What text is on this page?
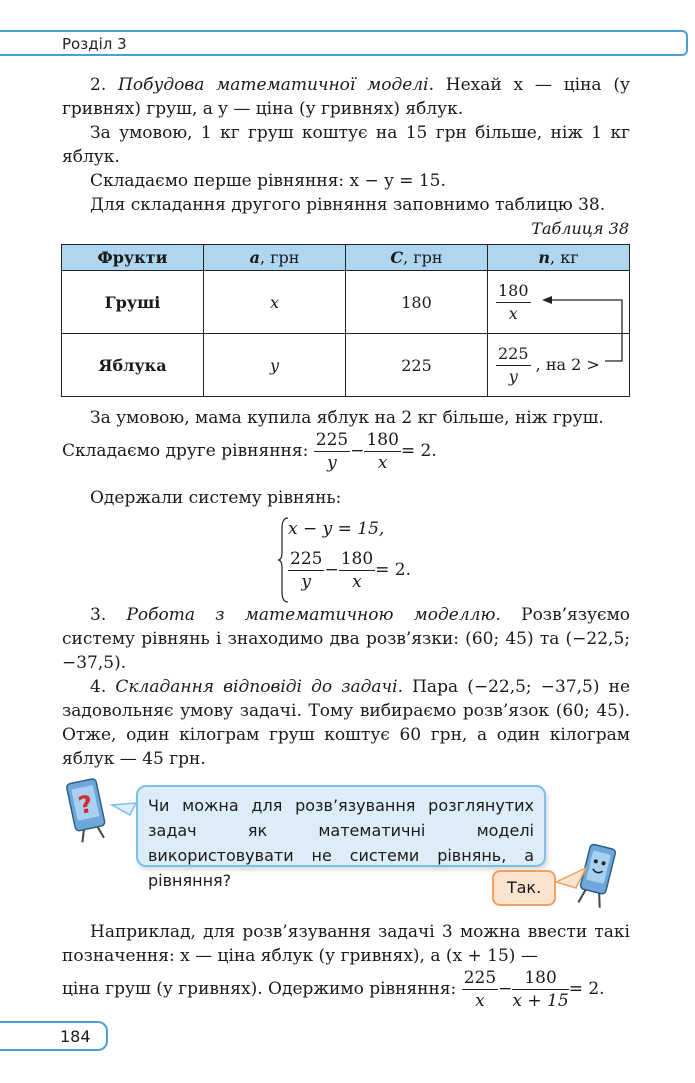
Розділ 3

2. Побудова математичної моделі. Нехай x — ціна (у гривнях) груш, а y — ціна (у гривнях) яблук.

За умовою, 1 кг груш коштує на 15 грн більше, ніж 1 кг яблук.

Складаємо перше рівняння: x − y = 15.

Для складання другого рівняння заповнимо таблицю 38.

Таблиця 38
Фрукти	a, грн	C, грн	n, кг
Груші	x	180	$\frac{180}{x}$

Яблука	y	225	$\frac{225}{y}$ , на 2 >

За умовою, мама купила яблук на 2 кг більше, ніж груш.

Складаємо друге рівняння: $\frac{225}{y} - \frac{180}{x} = 2$.

Одержали систему рівнянь:

x − y = 15,
$\frac{225}{y} - \frac{180}{x} = 2$.

3. Робота з математичною моделлю. Розв’язуємо систему рівнянь і знаходимо два розв’язки: (60; 45) та (−22,5; −37,5).

4. Складання відповіді до задачі. Пара (−22,5; −37,5) не задовольняє умову задачі. Тому вибираємо розв’язок (60; 45). Отже, один кілограм груш коштує 60 грн, а один кілограм яблук — 45 грн.

?	Чи можна для розв’язування розглянутих задач як математичні моделі використовувати не системи рівнянь, а рівняння?	Так.

Наприклад, для розв’язування задачі 3 можна ввести такі позначення: x — ціна яблук (у гривнях), а (x + 15) —

ціна груш (у гривнях). Одержимо рівняння: $\frac{225}{x} - \frac{180}{x + 15} = 2$.
184
